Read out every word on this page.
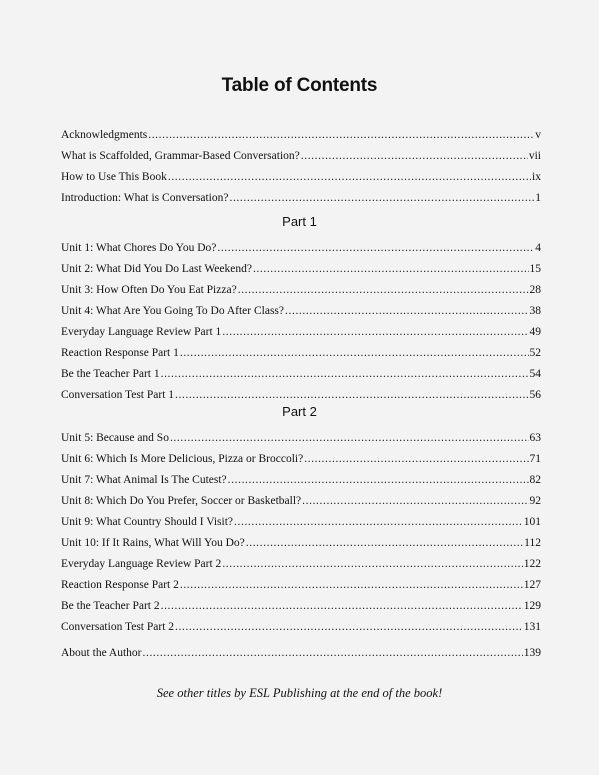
Table of Contents
Acknowledgments .....	v
What is Scaffolded, Grammar-Based Conversation? .....	vii
How to Use This Book .....	ix
Introduction: What is Conversation? .....	1
Part 1
Unit 1: What Chores Do You Do? .....	4
Unit 2: What Did You Do Last Weekend? .....	15
Unit 3: How Often Do You Eat Pizza? .....	28
Unit 4: What Are You Going To Do After Class? .....	38
Everyday Language Review Part 1 .....	49
Reaction Response Part 1 .....	52
Be the Teacher Part 1 .....	54
Conversation Test Part 1 .....	56
Part 2
Unit 5: Because and So .....	63
Unit 6: Which Is More Delicious, Pizza or Broccoli? .....	71
Unit 7: What Animal Is The Cutest? .....	82
Unit 8: Which Do You Prefer, Soccer or Basketball? .....	92
Unit 9: What Country Should I Visit? .....	101
Unit 10: If It Rains, What Will You Do? .....	112
Everyday Language Review Part 2 .....	122
Reaction Response Part 2 .....	127
Be the Teacher Part 2 .....	129
Conversation Test Part 2 .....	131
About the Author .....	139
See other titles by ESL Publishing at the end of the book!
